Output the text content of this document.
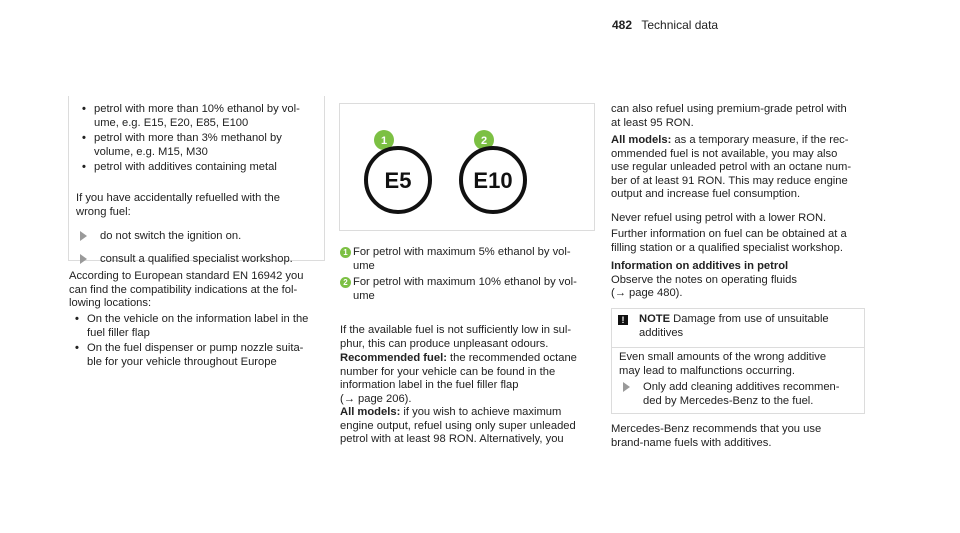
482 Technical data
• petrol with more than 10% ethanol by vol-

ume, e.g. E15, E20, E85, E100

• petrol with more than 3% methanol by

volume, e.g. M15, M30

• petrol with additives containing metal

If you have accidentally refuelled with the

wrong fuel:

do not switch the ignition on.

consult a qualified specialist workshop.

According to European standard EN 16942 you

can find the compatibility indications at the fol-

lowing locations:

• On the vehicle on the information label in the

fuel filler flap

• On the fuel dispenser or pump nozzle suita-

ble for your vehicle throughout Europe

1
E5
2
E10
1 For petrol with maximum 5% ethanol by vol-

ume

2 For petrol with maximum 10% ethanol by vol-

ume

If the available fuel is not sufficiently low in sul-

phur, this can produce unpleasant odours.

Recommended fuel: the recommended octane

number for your vehicle can be found in the

information label in the fuel filler flap

(→ page 206).

All models: if you wish to achieve maximum

engine output, refuel using only super unleaded

petrol with at least 98 RON. Alternatively, you

can also refuel using premium-grade petrol with

at least 95 RON.

All models: as a temporary measure, if the rec-

ommended fuel is not available, you may also

use regular unleaded petrol with an octane num-

ber of at least 91 RON. This may reduce engine

output and increase fuel consumption.

Never refuel using petrol with a lower RON.

Further information on fuel can be obtained at a

filling station or a qualified specialist workshop.

Information on additives in petrol

Observe the notes on operating fluids

(→ page 480).

!	NOTE Damage from use of unsuitable

additives

Even small amounts of the wrong additive

may lead to malfunctions occurring.

Only add cleaning additives recommen-

ded by Mercedes-Benz to the fuel.

Mercedes-Benz recommends that you use

brand-name fuels with additives.
